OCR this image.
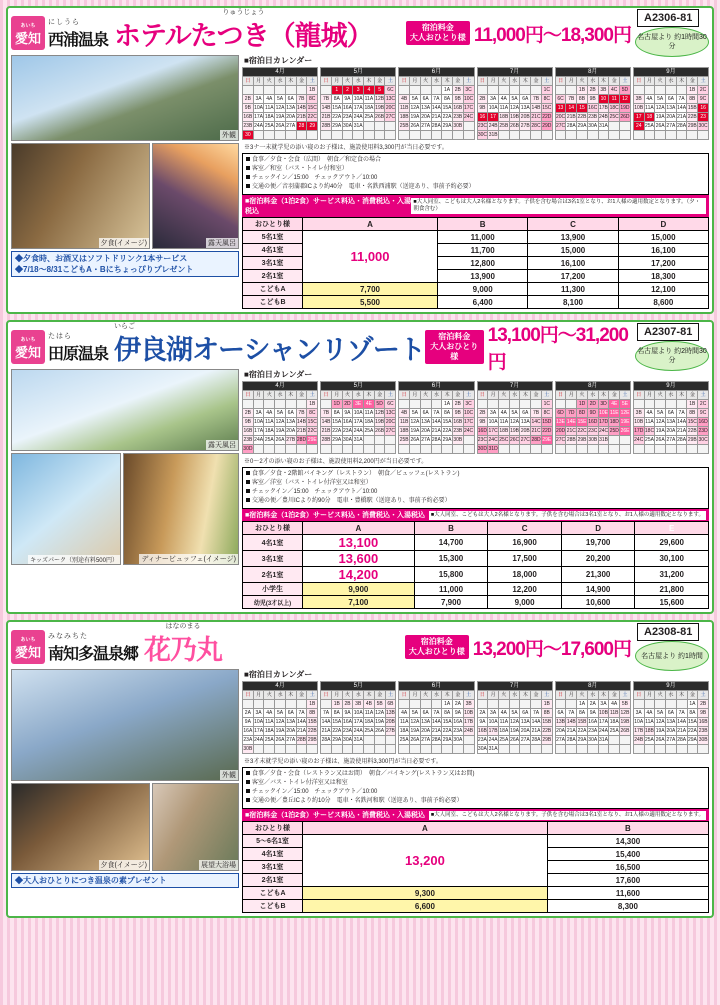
あいち
愛知
にしうら
西浦温泉
りゅうじょう
ホテルたつき（龍城）	宿泊料金
大人おひとり様 11,000円〜18,300円
A2306-81
名古屋より 約1時間30分
外観
夕食(イメージ)	露天風呂
◆夕食時、お酒又はソフトドリンク1本サービス
◆7/18〜8/31こどもA・Bにちょっぴりプレゼント
■宿泊日カレンダー
4月						
日	月	火	水	木	金	土
						1B
2B	3A	4A	5A	6A	7B	8C
9B	10A	11A	12A	13A	14B	15C
16B	17A	18A	19A	20A	21B	22C
23B	24A	25A	26A	27A	28	29
30						
5月						
日	月	火	水	木	金	土
	1	2	3	4	5	6C
7B	8A	9A	10A	11A	12B	13C
14B	15A	16A	17A	18A	19B	20C
21B	22A	23A	24A	25A	26B	27C
28B	29A	30A	31A			

6月						
日	月	火	水	木	金	土
				1A	2B	3C
4B	5A	6A	7A	8A	9B	10C
11B	12A	13A	14A	15A	16B	17C
18B	19A	20A	21A	22A	23B	24C
25B	26A	27A	28A	29A	30B	

7月						
日	月	火	水	木	金	土
						1C
2B	3A	4A	5A	6A	7B	8C
9B	10A	11A	12A	13A	14B	15C
16	17	18B	19B	20B	21C	22D
23C	24B	25B	26B	27B	28C	29D
30C	31B					
8月						
日	月	火	水	木	金	土
		1B	2B	3B	4C	5D
6C	7B	8B	9B	10	11	12
13	14	15	16C	17B	18C	19D
20C	21B	22B	23B	24B	25C	26D
27C	28A	29A	30A	31A		

9月						
日	月	火	水	木	金	土
					1B	2C
3B	4A	5A	6A	7A	8B	9C
10B	11A	12A	13A	14A	15B	16
17	18	19A	20A	21A	22B	23
24	25A	26A	27A	28A	29B	30C

※3ナ一未就学児の添い寝のお子様は、施設使用料3,300円が当日必要です。
食事／夕食・会食（広間）　朝食／和定食の場合
客室／和室（バス・トイレ付和室）
チェックイン／15:00　チェックアウト／10:00
交通の便／音羽蒲郡ICより約40分　電車・名鉄西浦駅（送迎あり、事前予約必要）
■宿泊料金（1泊2食）サービス料込・消費税込・入湯税込
■大人同室、こどもは大人2名様となります。子供を含む場合は3名1室となり、お1人様の適用数定となります。（夕・朝食含む）
おひとり様	A	B	C	D
5名1室	11,000	11,000	13,900	15,000
4名1室		11,700	15,000	16,100
3名1室		12,800	16,100	17,200
2名1室		13,900	17,200	18,300
こどもA	7,700	9,000	11,300	12,100
こどもB	5,500	6,400	8,100	8,600
あいち
愛知
たはら
田原温泉
いらご
伊良湖オーシャンリゾート	宿泊料金
大人おひとり様
13,100円〜31,200円
A2307-81
名古屋より 約2時間30分
露天風呂
キッズパーク（別途有料500円）	ディナービュッフェ(イメージ)
■宿泊日カレンダー
4月						
日	月	火	水	木	金	土
						1B
2B	3A	4A	5A	6A	7B	8C
9B	10A	11A	12A	13A	14B	15C
16B	17A	18A	19A	20A	21B	22C
23B	24A	25A	26A	27B	28D	29E
30D						
5月						
日	月	火	水	木	金	土
	1D	2D	3E	4E	5D	6C
7B	8A	9A	10A	11A	12B	13C
14B	15A	16A	17A	18A	19B	20C
21B	22A	23A	24A	25A	26B	27C
28B	29A	30A	31A			

6月						
日	月	火	水	木	金	土
				1A	2B	3C
4B	5A	6A	7A	8A	9B	10C
11B	12A	13A	14A	15A	16B	17C
18B	19A	20A	21A	22A	23B	24C
25B	26A	27A	28A	29A	30B	

7月						
日	月	火	水	木	金	土
						1C
2B	3A	4A	5A	6A	7B	8C
9B	10A	11A	12A	13A	14C	15D
16D	17C	18B	19B	20B	21C	22D
23C	24C	25C	26C	27C	28D	29E
30D	31D					
8月						
日	月	火	水	木	金	土
		1D	2D	3D	4E	5E
6D	7D	8D	9D	10E	11E	12E
13E	14E	15E	16D	17D	18D	19E
20D	21C	22C	23C	24C	25D	26E
27C	28B	29B	30B	31B		

9月						
日	月	火	水	木	金	土
					1B	2C
3B	4A	5A	6A	7A	8B	9C
10B	11A	12A	13A	14A	15C	16D
17D	18C	19A	20A	21A	22B	23D
24C	25A	26A	27A	28A	29B	30C

※0〜2才の添い寝のお子様は、施設使用料2,200円が当日必要です。
食事／夕食・2階館バイキング（レストラン）　朝食／ビュッフェ(レストラン)
客室／洋室（バス・トイレ付洋室又は和室）
チェックイン／15:00　チェックアウト／10:00
交通の便／豊川ICより約90分　電車・豊橋駅（送迎あり、事前予約必要）
■宿泊料金（1泊2食）サービス料込・消費税込・入湯税込	■大人同室、こどもは大人2名様となります。子供を含む場合は3名1室となり、お1人様の適用数定となります。
おひとり様	A	B	C	D	E
4名1室	13,100	14,700	16,900	19,700	29,600
3名1室	13,600	15,300	17,500	20,200	30,100
2名1室	14,200	15,800	18,000	21,300	31,200
小学生	9,900	11,000	12,200	14,900	21,800
幼児(3才以上)	7,100	7,900	9,000	10,600	15,600
あいち
愛知
みなみちた
南知多温泉郷
はなのまる
花乃丸	宿泊料金
大人おひとり様 13,200円〜17,600円
A2308-81
名古屋より 約1時間
外観
夕食(イメージ)	展望大浴場
◆大人おひとりにつき温泉の素プレゼント
■宿泊日カレンダー
4月						
日	月	火	水	木	金	土
						1B
2A	3A	4A	5A	6A	7A	8B
9A	10A	11A	12A	13A	14A	15B
16A	17A	18A	19A	20A	21A	22B
23A	24A	25A	26A	27A	28B	29B
30B						
5月						
日	月	火	水	木	金	土
	1B	2B	3B	4B	5B	6B
7A	8A	9A	10A	11A	12A	13B
14A	15A	16A	17A	18A	19A	20B
21A	22A	23A	24A	25A	26A	27B
28A	29A	30A	31A			

6月						
日	月	火	水	木	金	土
				1A	2A	3B
4A	5A	6A	7A	8A	9A	10B
11A	12A	13A	14A	15A	16A	17B
18A	19A	20A	21A	22A	23A	24B
25A	26A	27A	28A	29A	30A	

7月						
日	月	火	水	木	金	土
						1B
2A	3A	4A	5A	6A	7A	8B
9A	10A	11A	12A	13A	14A	15B
16B	17B	18A	19A	20A	21A	22B
23A	24A	25A	26A	27A	28A	29B
30A	31A					
8月						
日	月	火	水	木	金	土
		1A	2A	3A	4A	5B
6A	7A	8A	9A	10B	11B	12B
13B	14B	15B	16A	17A	18A	19B
20A	21A	22A	23A	24A	25A	26B
27A	28A	29A	30A	31A		

9月						
日	月	火	水	木	金	土
					1A	2B
3A	4A	5A	6A	7A	8A	9B
10A	11A	12A	13A	14A	15A	16B
17B	18B	19A	20A	21A	22A	23B
24B	25A	26A	27A	28A	29A	30B

※3才未就学児の添い寝のお子様は、施設使用料3,300円が当日必要です。
食事／夕食・会食（レストラン又はお間）　朝食／バイキング(レストラン又はお間)
客室／バス・トイレ付洋室又は和室
チェックイン／15:00　チェックアウト／10:00
交通の便／豊丘ICより約10分　電車・名鉄河和駅（送迎あり、事前予約必要）
■宿泊料金（1泊2食）サービス料込・消費税込・入湯税込	■大人同室、こどもは大人2名様となります。子供を含む場合は3名1室となり、お1人様の適用数定となります。
おひとり様	A	B
5〜6名1室	13,200	14,300
4名1室		15,400
3名1室		16,500
2名1室		17,600
こどもA	9,300	11,600
こどもB	6,600	8,300
